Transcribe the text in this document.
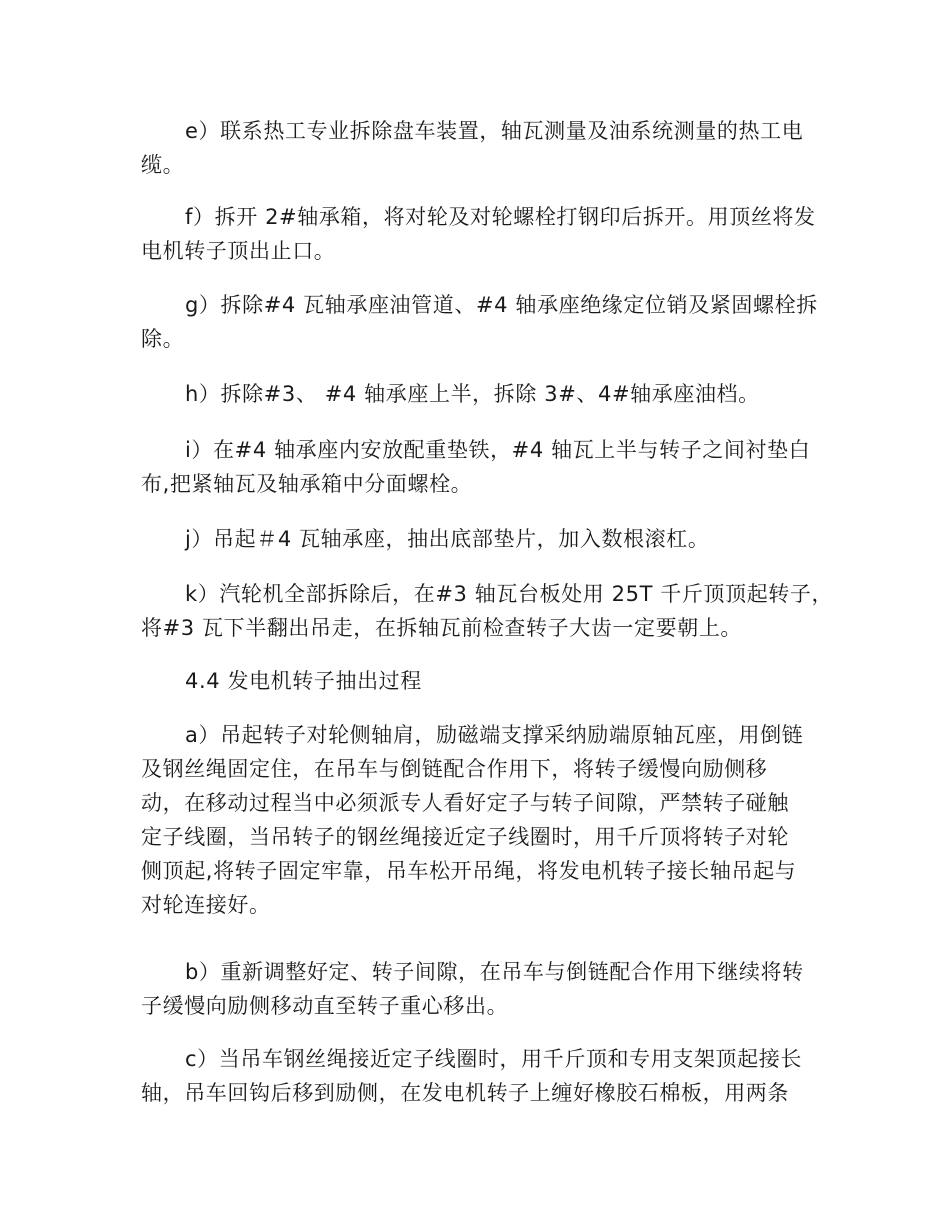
e）联系热工专业拆除盘车装置，轴瓦测量及油系统测量的热工电
缆。

f）拆开 2#轴承箱，将对轮及对轮螺栓打钢印后拆开。用顶丝将发
电机转子顶出止口。

g）拆除#4 瓦轴承座油管道、#4 轴承座绝缘定位销及紧固螺栓拆
除。

h）拆除#3、 #4 轴承座上半，拆除 3#、4#轴承座油档。

i）在#4 轴承座内安放配重垫铁，#4 轴瓦上半与转子之间衬垫白
布,把紧轴瓦及轴承箱中分面螺栓。

j）吊起＃4 瓦轴承座，抽出底部垫片，加入数根滚杠。

k）汽轮机全部拆除后，在#3 轴瓦台板处用 25T 千斤顶顶起转子，
将#3 瓦下半翻出吊走，在拆轴瓦前检查转子大齿一定要朝上。

4.4 发电机转子抽出过程

a）吊起转子对轮侧轴肩，励磁端支撑采纳励端原轴瓦座，用倒链
及钢丝绳固定住，在吊车与倒链配合作用下，将转子缓慢向励侧移
动，在移动过程当中必须派专人看好定子与转子间隙，严禁转子碰触
定子线圈，当吊转子的钢丝绳接近定子线圈时，用千斤顶将转子对轮
侧顶起,将转子固定牢靠，吊车松开吊绳，将发电机转子接长轴吊起与
对轮连接好。

b）重新调整好定、转子间隙，在吊车与倒链配合作用下继续将转
子缓慢向励侧移动直至转子重心移出。

c）当吊车钢丝绳接近定子线圈时，用千斤顶和专用支架顶起接长
轴，吊车回钩后移到励侧，在发电机转子上缠好橡胶石棉板，用两条
